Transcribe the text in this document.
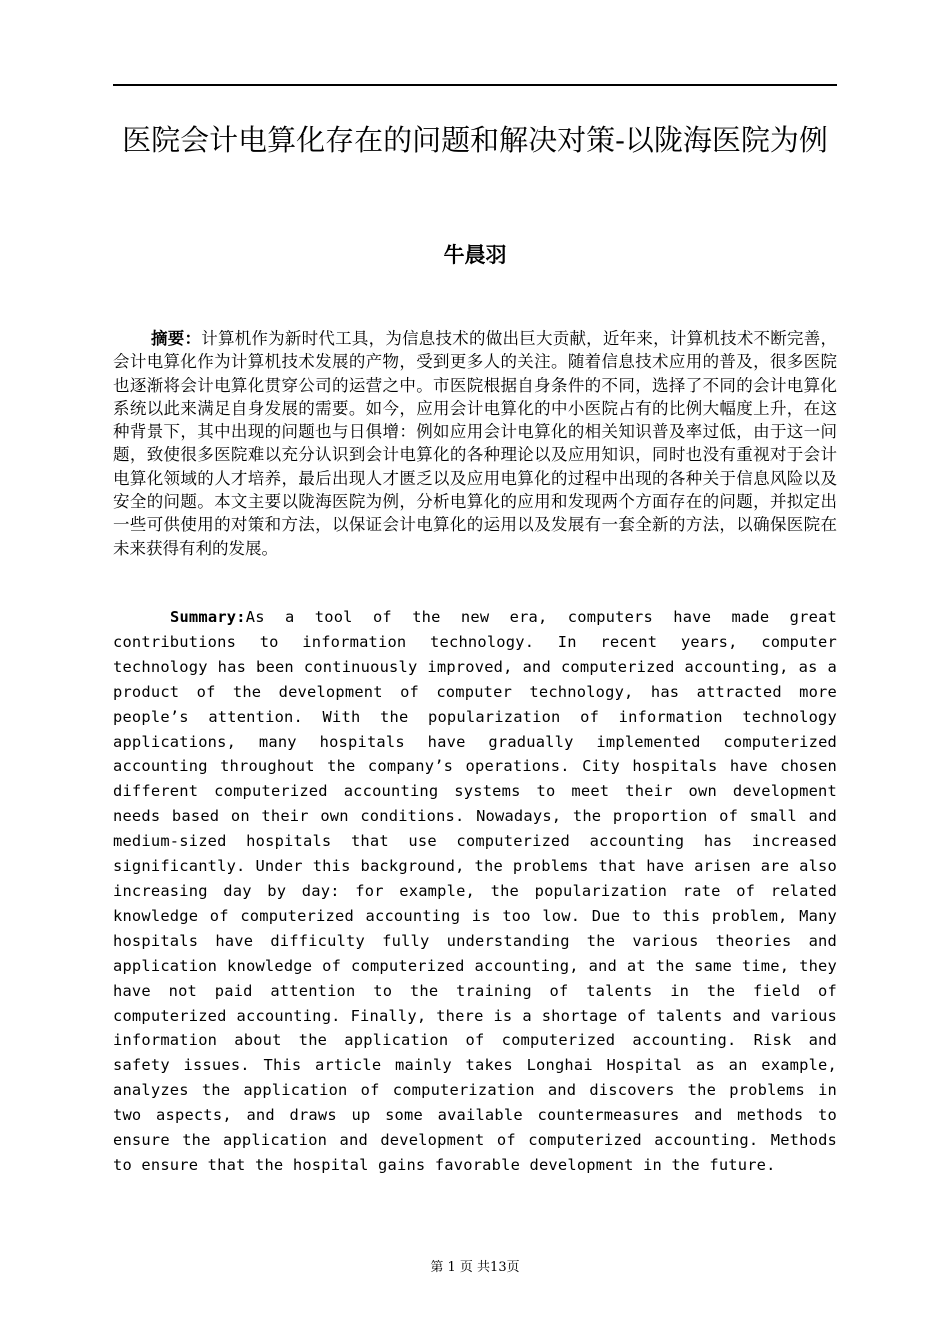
医院会计电算化存在的问题和解决对策-以陇海医院为例
牛晨羽

摘要：计算机作为新时代工具，为信息技术的做出巨大贡献，近年来，计算机技术不断完善，会计电算化作为计算机技术发展的产物，受到更多人的关注。随着信息技术应用的普及，很多医院也逐渐将会计电算化贯穿公司的运营之中。市医院根据自身条件的不同，选择了不同的会计电算化系统以此来满足自身发展的需要。如今，应用会计电算化的中小医院占有的比例大幅度上升，在这种背景下，其中出现的问题也与日俱增：例如应用会计电算化的相关知识普及率过低，由于这一问题，致使很多医院难以充分认识到会计电算化的各种理论以及应用知识，同时也没有重视对于会计电算化领域的人才培养，最后出现人才匮乏以及应用电算化的过程中出现的各种关于信息风险以及安全的问题。本文主要以陇海医院为例，分析电算化的应用和发现两个方面存在的问题，并拟定出一些可供使用的对策和方法，以保证会计电算化的运用以及发展有一套全新的方法，以确保医院在未来获得有利的发展。

Summary:As a tool of the new era, computers have made great contributions to information technology. In recent years, computer technology has been continuously improved, and computerized accounting, as a product of the development of computer technology, has attracted more people’s attention. With the popularization of information technology applications, many hospitals have gradually implemented computerized accounting throughout the company’s operations. City hospitals have chosen different computerized accounting systems to meet their own development needs based on their own conditions. Nowadays, the proportion of small and medium-sized hospitals that use computerized accounting has increased significantly. Under this background, the problems that have arisen are also increasing day by day: for example, the popularization rate of related knowledge of computerized accounting is too low. Due to this problem, Many hospitals have difficulty fully understanding the various theories and application knowledge of computerized accounting, and at the same time, they have not paid attention to the training of talents in the field of computerized accounting. Finally, there is a shortage of talents and various information about the application of computerized accounting. Risk and safety issues. This article mainly takes Longhai Hospital as an example, analyzes the application of computerization and discovers the problems in two aspects, and draws up some available countermeasures and methods to ensure the application and development of computerized accounting. Methods to ensure that the hospital gains favorable development in the future.

第 1 页 共13页
